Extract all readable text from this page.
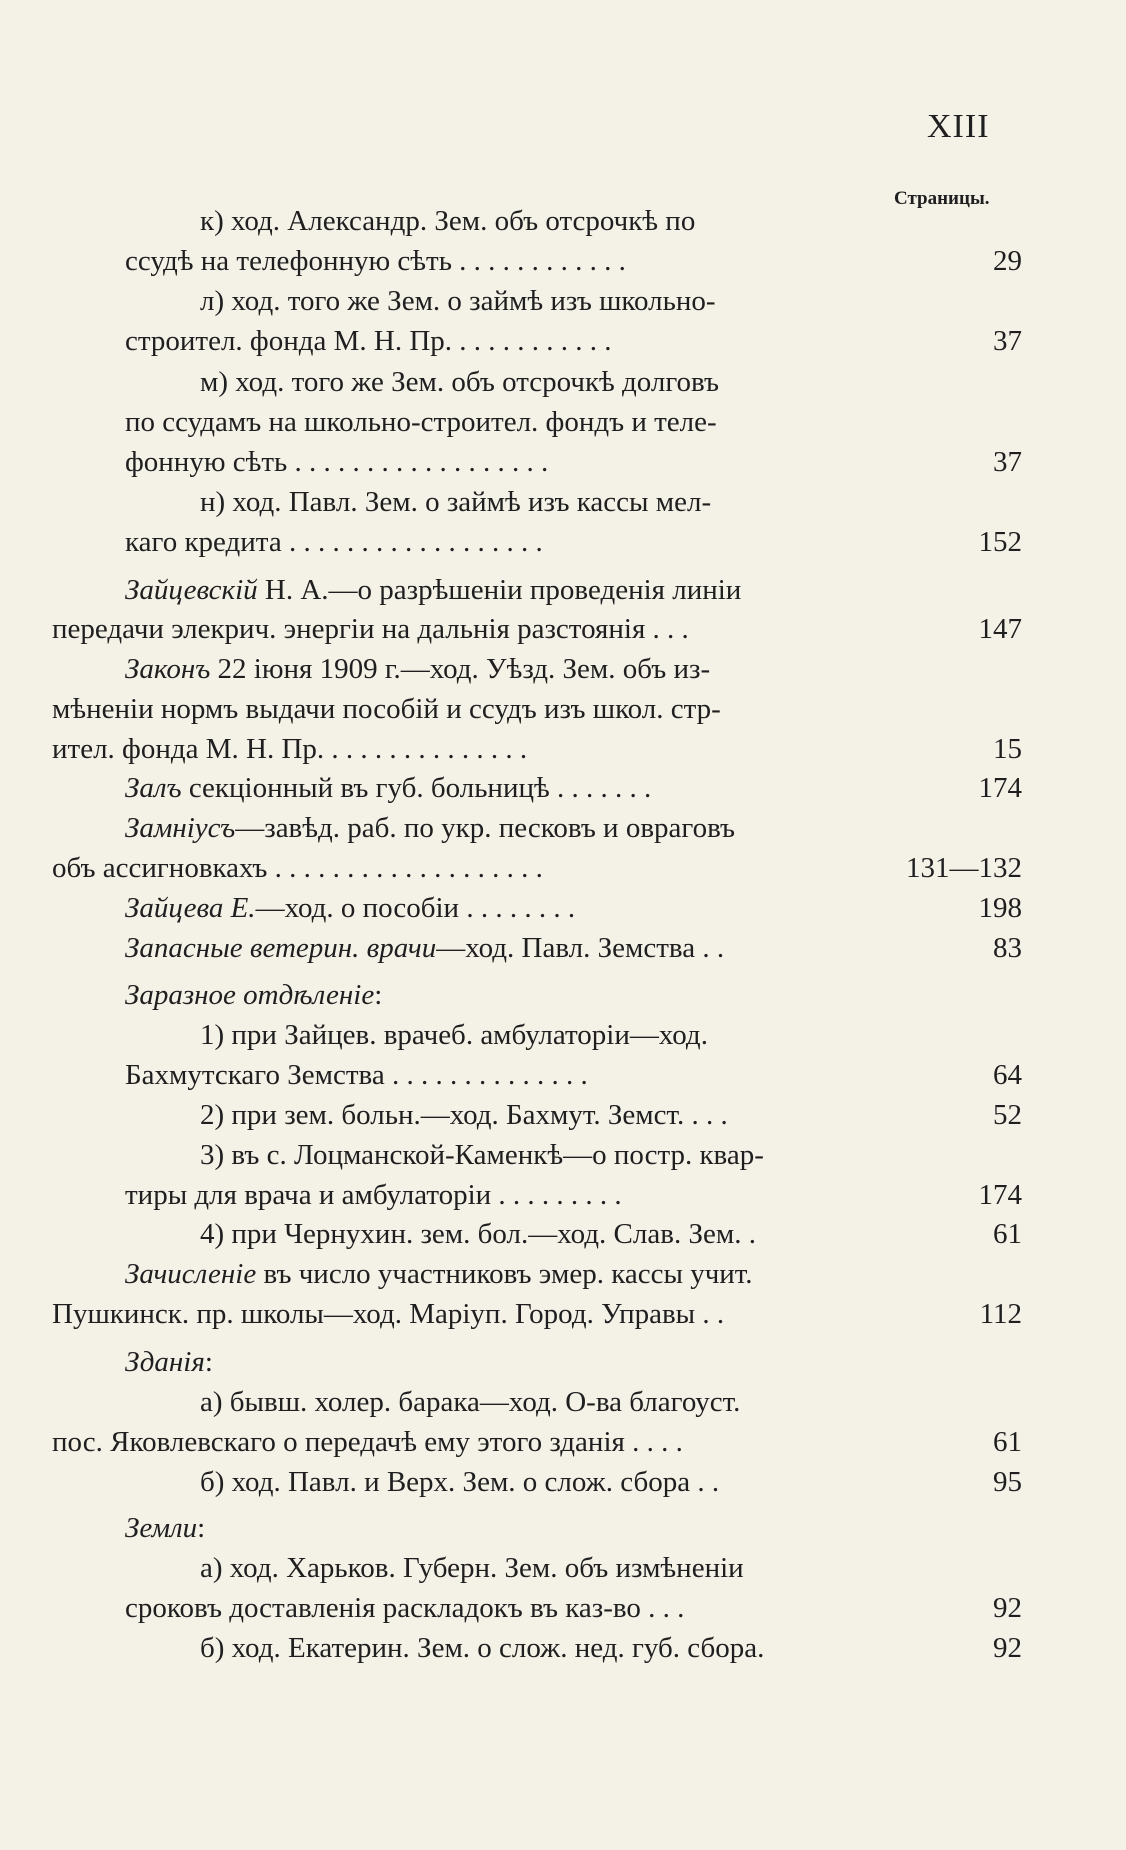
XIII
Страницы.
к) ход. Александр. Зем. объ отсрочкѣ по
ссудѣ на телефонную сѣть . . . . . . . . . . . .	29
л) ход. того же Зем. о займѣ изъ школьно-
строител. фонда М. Н. Пр. . . . . . . . . . . .	37
м) ход. того же Зем. объ отсрочкѣ долговъ
по ссудамъ на школьно-строител. фондъ и теле-
фонную сѣть . . . . . . . . . . . . . . . . . .	37
н) ход. Павл. Зем. о займѣ изъ кассы мел-
каго кредита . . . . . . . . . . . . . . . . . .	152
Зайцевскій Н. А.—о разрѣшеніи проведенія линіи
передачи элекрич. энергіи на дальнія разстоянія . . .	147
Законъ 22 іюня 1909 г.—ход. Уѣзд. Зем. объ из-
мѣненіи нормъ выдачи пособій и ссудъ изъ школ. стр-
ител. фонда М. Н. Пр. . . . . . . . . . . . . . .	15
Залъ секціонный въ губ. больницѣ . . . . . . .	174
Замніусъ—завѣд. раб. по укр. песковъ и овраговъ
объ ассигновкахъ . . . . . . . . . . . . . . . . . . .	131—132
Зайцева Е.—ход. о пособіи . . . . . . . .	198
Запасные ветерин. врачи—ход. Павл. Земства . .	83
Заразное отдѣленіе:
1) при Зайцев. врачеб. амбулаторіи—ход.
Бахмутскаго Земства . . . . . . . . . . . . . .	64
2) при зем. больн.—ход. Бахмут. Земст. . . .	52
3) въ с. Лоцманской-Каменкѣ—о постр. квар-
тиры для врача и амбулаторіи . . . . . . . . .	174
4) при Чернухин. зем. бол.—ход. Слав. Зем. .	61
Зачисленіе въ число участниковъ эмер. кассы учит.
Пушкинск. пр. школы—ход. Маріуп. Город. Управы . .	112
Зданія:
а) бывш. холер. барака—ход. О-ва благоуст.
пос. Яковлевскаго о передачѣ ему этого зданія . . . .	61
б) ход. Павл. и Верх. Зем. о слож. сбора . .	95
Земли:
а) ход. Харьков. Губерн. Зем. объ измѣненіи
сроковъ доставленія раскладокъ въ каз-во . . .	92
б) ход. Екатерин. Зем. о слож. нед. губ. сбора.	92
